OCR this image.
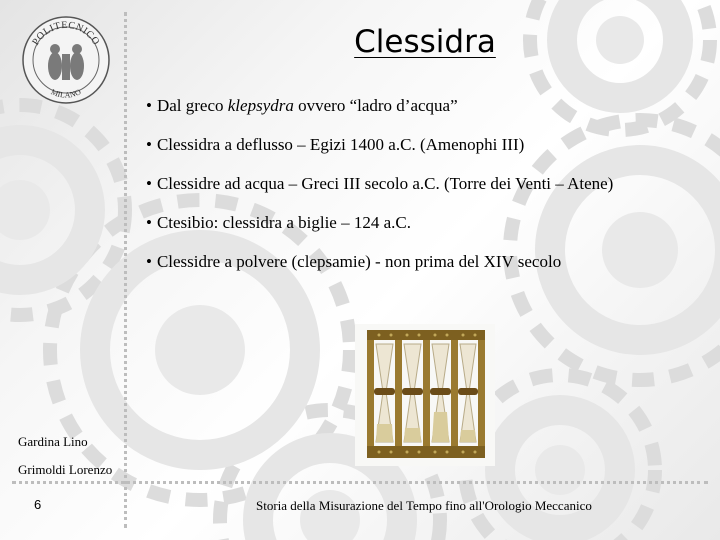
POLITECNICO
MILANO
Clessidra
• Dal greco klepsydra ovvero “ladro d’acqua”
• Clessidra a deflusso – Egizi 1400 a.C. (Amenophi III)
• Clessidre ad acqua – Greci III secolo a.C. (Torre dei Venti – Atene)
• Ctesibio: clessidra a biglie – 124 a.C.
• Clessidre a polvere (clepsamie) - non prima del XIV secolo
Gardina Lino
Grimoldi Lorenzo
6	Storia della Misurazione del Tempo fino all'Orologio Meccanico
